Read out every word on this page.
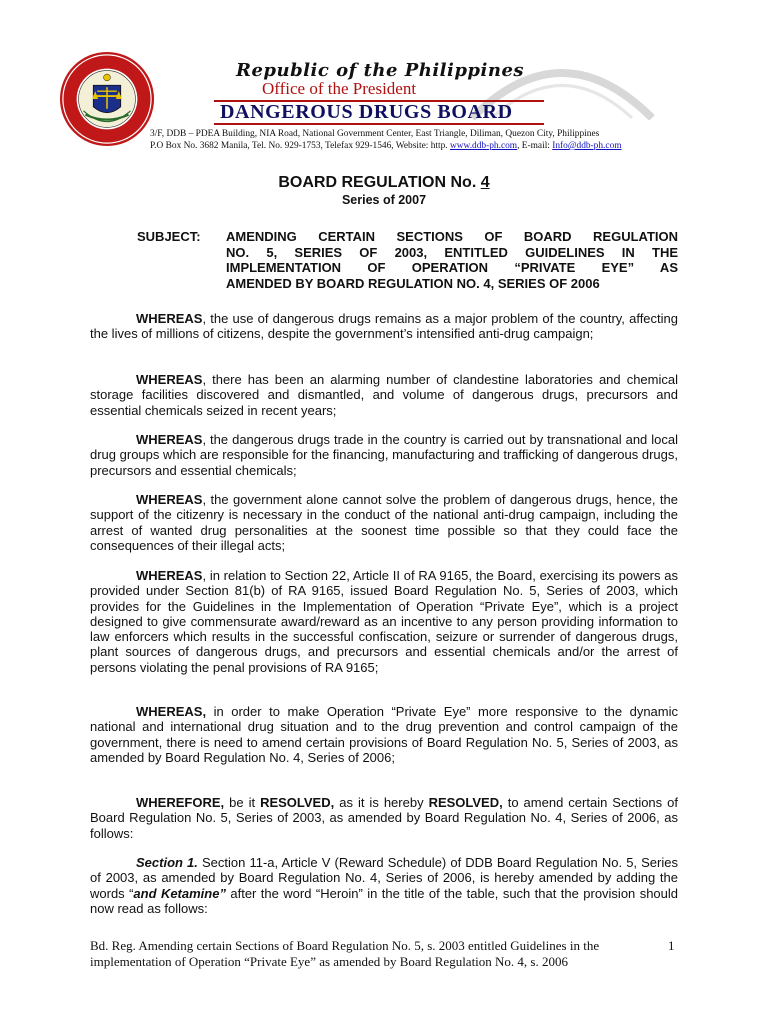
Republic of the Philippines
Office of the President
DANGEROUS DRUGS BOARD
3/F, DDB – PDEA Building, NIA Road, National Government Center, East Triangle, Diliman, Quezon City, Philippines
P.O Box No. 3682 Manila, Tel. No. 929-1753, Telefax 929-1546, Website: http. www.ddb-ph.com, E-mail: Info@ddb-ph.com
BOARD REGULATION No. 4
Series of 2007
SUBJECT: AMENDING CERTAIN SECTIONS OF BOARD REGULATION
NO. 5, SERIES OF 2003, ENTITLED GUIDELINES IN THE
IMPLEMENTATION OF OPERATION “PRIVATE EYE” AS
AMENDED BY BOARD REGULATION NO. 4, SERIES OF 2006
WHEREAS, the use of dangerous drugs remains as a major problem of the country, affecting the lives of millions of citizens, despite the government’s intensified anti-drug campaign;
WHEREAS, there has been an alarming number of clandestine laboratories and chemical storage facilities discovered and dismantled, and volume of dangerous drugs, precursors and essential chemicals seized in recent years;
WHEREAS, the dangerous drugs trade in the country is carried out by transnational and local drug groups which are responsible for the financing, manufacturing and trafficking of dangerous drugs, precursors and essential chemicals;
WHEREAS, the government alone cannot solve the problem of dangerous drugs, hence, the support of the citizenry is necessary in the conduct of the national anti-drug campaign, including the arrest of wanted drug personalities at the soonest time possible so that they could face the consequences of their illegal acts;
WHEREAS, in relation to Section 22, Article II of RA 9165, the Board, exercising its powers as provided under Section 81(b) of RA 9165, issued Board Regulation No. 5, Series of 2003, which provides for the Guidelines in the Implementation of Operation “Private Eye”, which is a project designed to give commensurate award/reward as an incentive to any person providing information to law enforcers which results in the successful confiscation, seizure or surrender of dangerous drugs, plant sources of dangerous drugs, and precursors and essential chemicals and/or the arrest of persons violating the penal provisions of RA 9165;
WHEREAS, in order to make Operation “Private Eye” more responsive to the dynamic national and international drug situation and to the drug prevention and control campaign of the government, there is need to amend certain provisions of Board Regulation No. 5, Series of 2003, as amended by Board Regulation No. 4, Series of 2006;
WHEREFORE, be it RESOLVED, as it is hereby RESOLVED, to amend certain Sections of Board Regulation No. 5, Series of 2003, as amended by Board Regulation No. 4, Series of 2006, as follows:
Section 1. Section 11-a, Article V (Reward Schedule) of DDB Board Regulation No. 5, Series of 2003, as amended by Board Regulation No. 4, Series of 2006, is hereby amended by adding the words “and Ketamine” after the word “Heroin” in the title of the table, such that the provision should now read as follows:
Bd. Reg. Amending certain Sections of Board Regulation No. 5, s. 2003 entitled Guidelines in the implementation of Operation “Private Eye” as amended by Board Regulation No. 4, s. 2006
1
